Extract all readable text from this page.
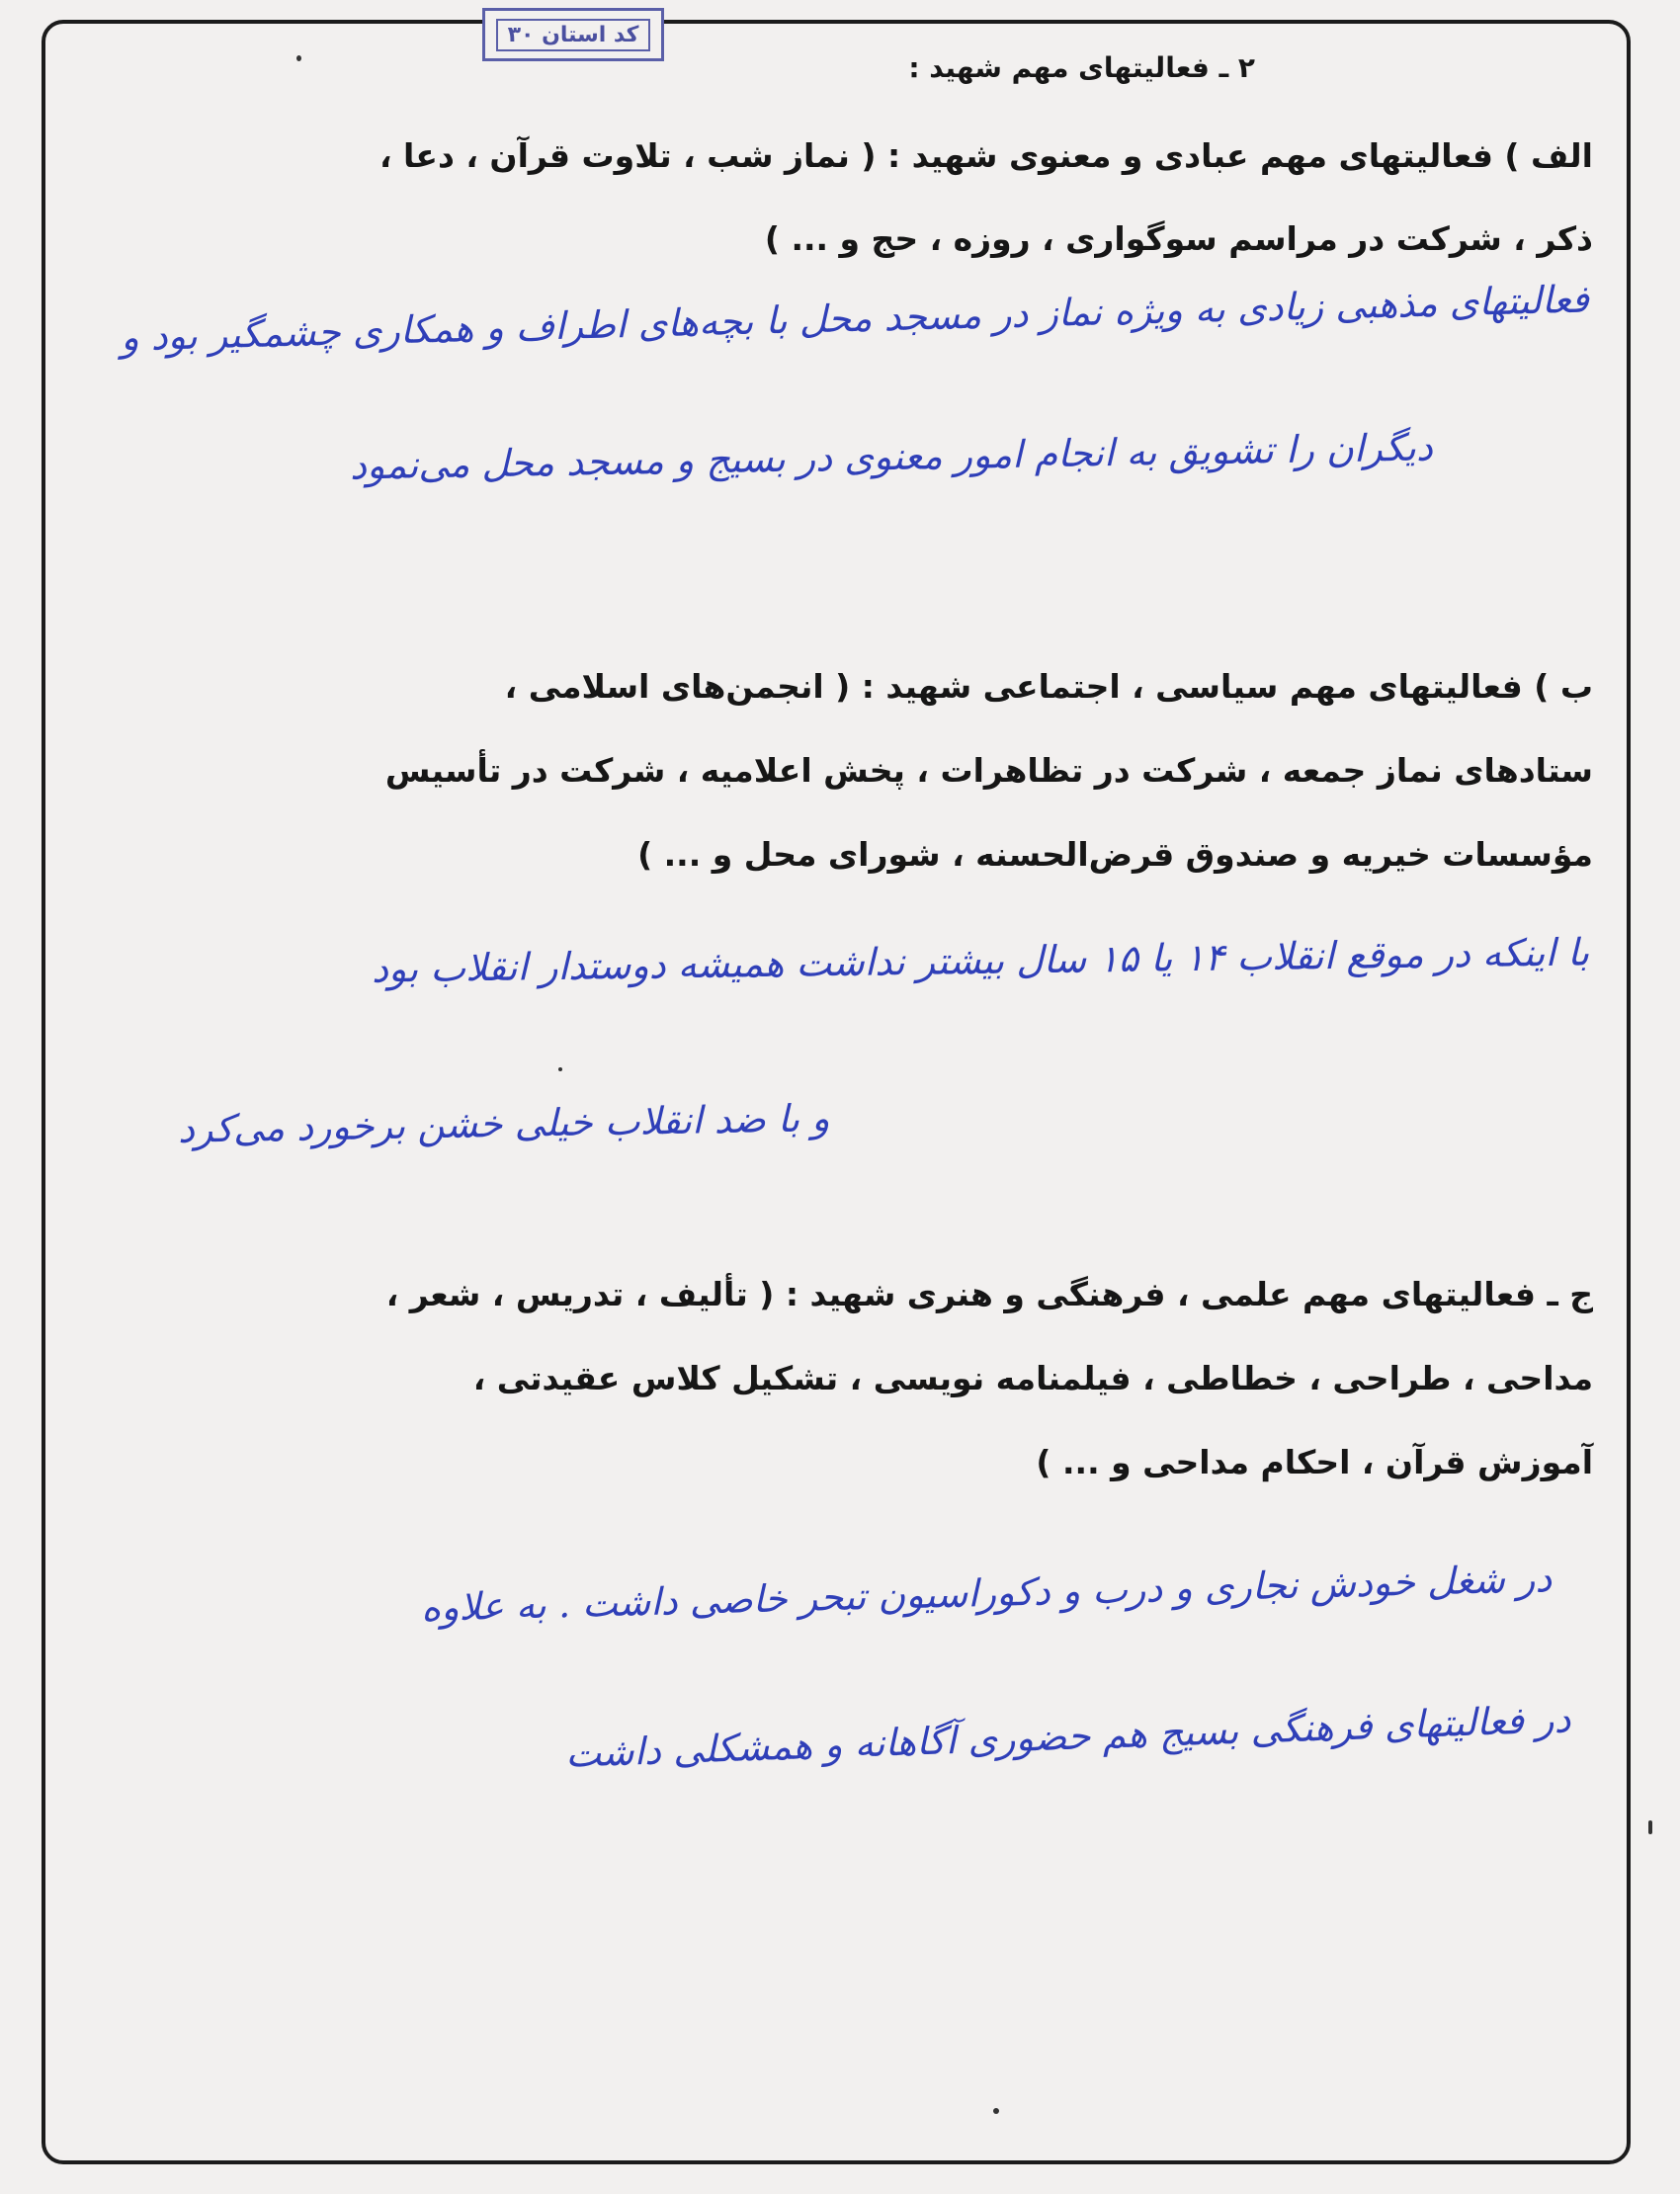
کد استان ۳۰
۲ ـ فعالیتهای مهم شهید :
الف ) فعالیتهای مهم عبادی و معنوی شهید : ( نماز شب ، تلاوت قرآن ، دعا ،
ذکر ، شرکت در مراسم سوگواری ، روزه ، حج و ... )
فعالیتهای مذهبی زیادی به ویژه نماز در مسجد محل با بچه‌های اطراف و همکاری چشمگیر بود و
دیگران را تشویق به انجام امور معنوی در بسیج و مسجد محل می‌نمود
ب ) فعالیتهای مهم سیاسی ، اجتماعی شهید : ( انجمن‌های اسلامی ،
ستادهای نماز جمعه ، شرکت در تظاهرات ، پخش اعلامیه ، شرکت در تأسیس
مؤسسات خیریه و صندوق قرض‌الحسنه ، شورای محل و ... )
با اینکه در موقع انقلاب ۱۴ یا ۱۵ سال بیشتر نداشت همیشه دوستدار انقلاب بود
و با ضد انقلاب خیلی خشن برخورد می‌کرد
ج ـ فعالیتهای مهم علمی ، فرهنگی و هنری شهید : ( تألیف ، تدریس ، شعر ،
مداحی ، طراحی ، خطاطی ، فیلمنامه نویسی ، تشکیل کلاس عقیدتی ،
آموزش قرآن ، احکام مداحی و ... )
در شغل خودش نجاری و درب و دکوراسیون تبحر خاصی داشت . به علاوه
در فعالیتهای فرهنگی بسیج هم حضوری آگاهانه و همشکلی داشت
